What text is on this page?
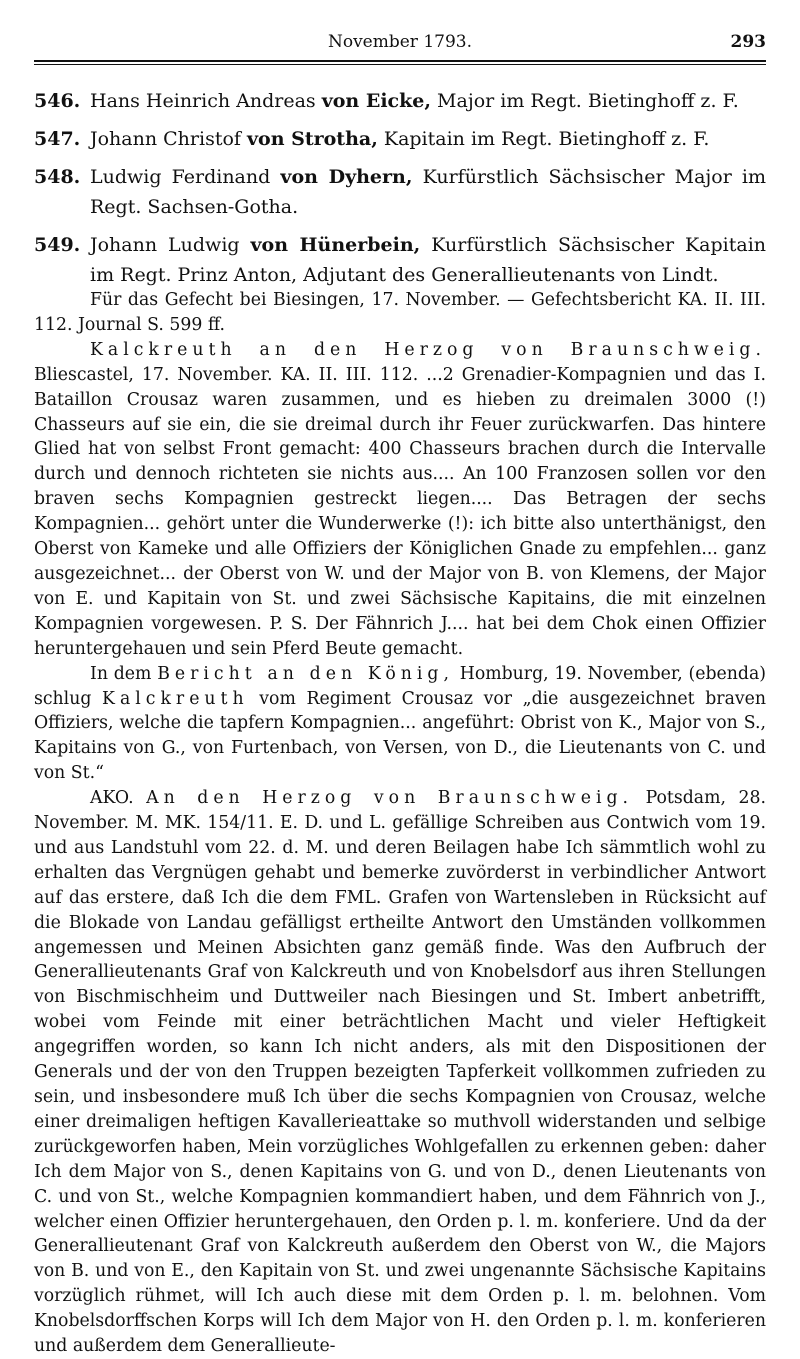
November 1793.	293
546. Hans Heinrich Andreas von Eicke, Major im Regt. Bietinghoff z. F.
547. Johann Christof von Strotha, Kapitain im Regt. Bietinghoff z. F.
548. Ludwig Ferdinand von Dyhern, Kurfürstlich Sächsischer Major im Regt. Sachsen-Gotha.
549. Johann Ludwig von Hünerbein, Kurfürstlich Sächsischer Kapitain im Regt. Prinz Anton, Adjutant des Generallieutenants von Lindt.

Für das Gefecht bei Biesingen, 17. November. — Gefechtsbericht KA. II. III. 112. Journal S. 599 ff.

Kalckreuth an den Herzog von Braunschweig. Bliescastel, 17. November. KA. II. III. 112. ...2 Grenadier-Kompagnien und das I. Bataillon Crousaz waren zusammen, und es hieben zu dreimalen 3000 (!) Chasseurs auf sie ein, die sie dreimal durch ihr Feuer zurückwarfen. Das hintere Glied hat von selbst Front gemacht: 400 Chasseurs brachen durch die Intervalle durch und dennoch richteten sie nichts aus.... An 100 Franzosen sollen vor den braven sechs Kompagnien gestreckt liegen.... Das Betragen der sechs Kompagnien... gehört unter die Wunderwerke (!): ich bitte also unterthänigst, den Oberst von Kameke und alle Offiziers der Königlichen Gnade zu empfehlen... ganz ausgezeichnet... der Oberst von W. und der Major von B. von Klemens, der Major von E. und Kapitain von St. und zwei Sächsische Kapitains, die mit einzelnen Kompagnien vorgewesen. P. S. Der Fähnrich J.... hat bei dem Chok einen Offizier heruntergehauen und sein Pferd Beute gemacht.

In dem Bericht an den König, Homburg, 19. November, (ebenda) schlug Kalckreuth vom Regiment Crousaz vor „die ausgezeichnet braven Offiziers, welche die tapfern Kompagnien... angeführt: Obrist von K., Major von S., Kapitains von G., von Furtenbach, von Versen, von D., die Lieutenants von C. und von St.“

AKO. An den Herzog von Braunschweig. Potsdam, 28. November. M. MK. 154/11. E. D. und L. gefällige Schreiben aus Contwich vom 19. und aus Landstuhl vom 22. d. M. und deren Beilagen habe Ich sämmtlich wohl zu erhalten das Vergnügen gehabt und bemerke zuvörderst in verbindlicher Antwort auf das erstere, daß Ich die dem FML. Grafen von Wartensleben in Rücksicht auf die Blokade von Landau gefälligst ertheilte Antwort den Umständen vollkommen angemessen und Meinen Absichten ganz gemäß finde. Was den Aufbruch der Generallieutenants Graf von Kalckreuth und von Knobelsdorf aus ihren Stellungen von Bischmischheim und Duttweiler nach Biesingen und St. Imbert anbetrifft, wobei vom Feinde mit einer beträchtlichen Macht und vieler Heftigkeit angegriffen worden, so kann Ich nicht anders, als mit den Dispositionen der Generals und der von den Truppen bezeigten Tapferkeit vollkommen zufrieden zu sein, und insbesondere muß Ich über die sechs Kompagnien von Crousaz, welche einer dreimaligen heftigen Kavallerieattake so muthvoll widerstanden und selbige zurückgeworfen haben, Mein vorzügliches Wohlgefallen zu erkennen geben: daher Ich dem Major von S., denen Kapitains von G. und von D., denen Lieutenants von C. und von St., welche Kompagnien kommandiert haben, und dem Fähnrich von J., welcher einen Offizier heruntergehauen, den Orden p. l. m. konferiere. Und da der Generallieutenant Graf von Kalckreuth außerdem den Oberst von W., die Majors von B. und von E., den Kapitain von St. und zwei ungenannte Sächsische Kapitains vorzüglich rühmet, will Ich auch diese mit dem Orden p. l. m. belohnen. Vom Knobelsdorffschen Korps will Ich dem Major von H. den Orden p. l. m. konferieren und außerdem dem Generallieute-
